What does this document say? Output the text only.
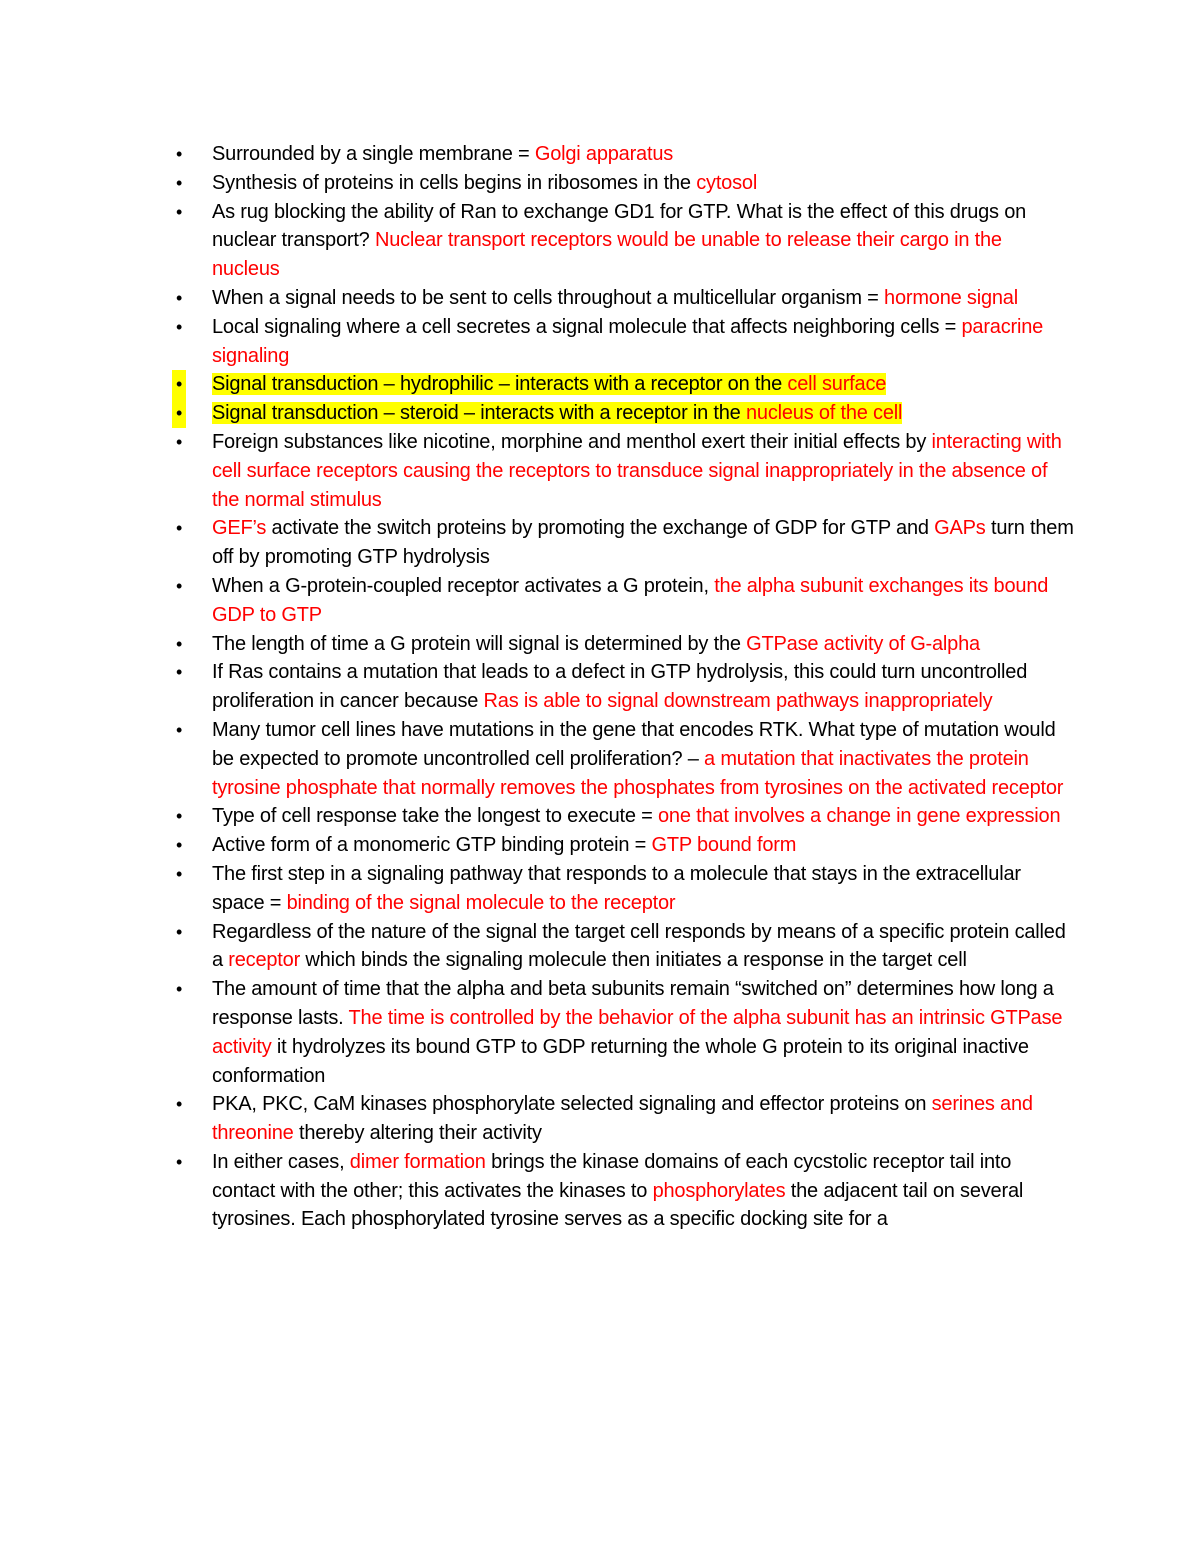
• Surrounded by a single membrane = Golgi apparatus
• Synthesis of proteins in cells begins in ribosomes in the cytosol
• As rug blocking the ability of Ran to exchange GD1 for GTP. What is the effect of this drugs on nuclear transport? Nuclear transport receptors would be unable to release their cargo in the nucleus
• When a signal needs to be sent to cells throughout a multicellular organism = hormone signal
• Local signaling where a cell secretes a signal molecule that affects neighboring cells = paracrine signaling
• Signal transduction – hydrophilic – interacts with a receptor on the cell surface
• Signal transduction – steroid – interacts with a receptor in the nucleus of the cell
• Foreign substances like nicotine, morphine and menthol exert their initial effects by interacting with cell surface receptors causing the receptors to transduce signal inappropriately in the absence of the normal stimulus
• GEF’s activate the switch proteins by promoting the exchange of GDP for GTP and GAPs turn them off by promoting GTP hydrolysis
• When a G-protein-coupled receptor activates a G protein, the alpha subunit exchanges its bound GDP to GTP
• The length of time a G protein will signal is determined by the GTPase activity of G-alpha
• If Ras contains a mutation that leads to a defect in GTP hydrolysis, this could turn uncontrolled proliferation in cancer because Ras is able to signal downstream pathways inappropriately
• Many tumor cell lines have mutations in the gene that encodes RTK. What type of mutation would be expected to promote uncontrolled cell proliferation? – a mutation that inactivates the protein tyrosine phosphate that normally removes the phosphates from tyrosines on the activated receptor
• Type of cell response take the longest to execute = one that involves a change in gene expression
• Active form of a monomeric GTP binding protein = GTP bound form
• The first step in a signaling pathway that responds to a molecule that stays in the extracellular space = binding of the signal molecule to the receptor
• Regardless of the nature of the signal the target cell responds by means of a specific protein called a receptor which binds the signaling molecule then initiates a response in the target cell
• The amount of time that the alpha and beta subunits remain “switched on” determines how long a response lasts. The time is controlled by the behavior of the alpha subunit has an intrinsic GTPase activity it hydrolyzes its bound GTP to GDP returning the whole G protein to its original inactive conformation
• PKA, PKC, CaM kinases phosphorylate selected signaling and effector proteins on serines and threonine thereby altering their activity
• In either cases, dimer formation brings the kinase domains of each cycstolic receptor tail into contact with the other; this activates the kinases to phosphorylates the adjacent tail on several tyrosines. Each phosphorylated tyrosine serves as a specific docking site for a
